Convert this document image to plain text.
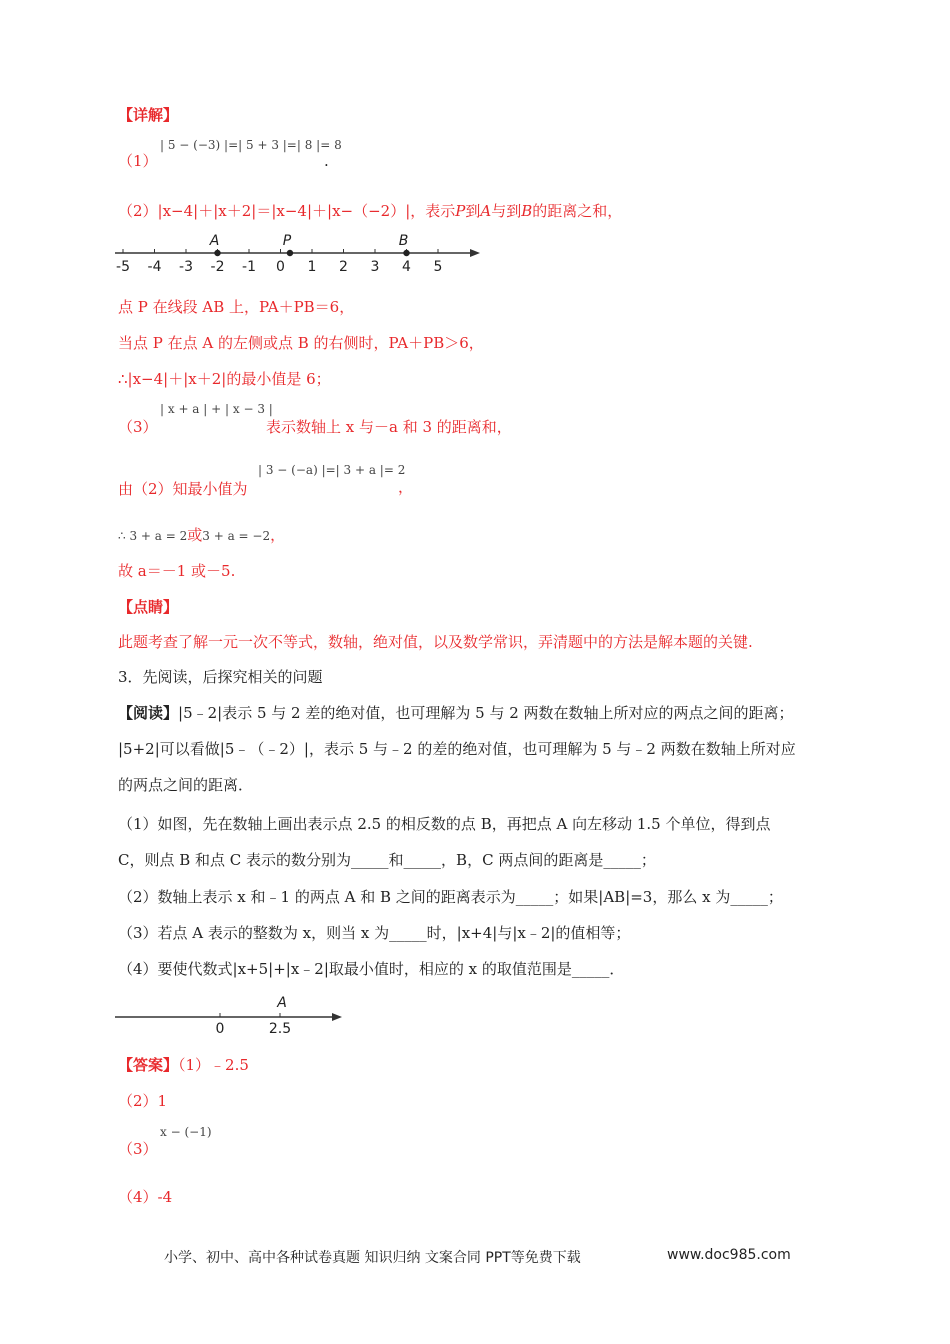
【详解】
（1）
| 5 − (−3) |=| 5 + 3 |=| 8 |= 8
.
（2）|x−4|＋|x＋2|＝|x−4|＋|x−（−2）|，表示P到A与到B的距离之和，
-5 -4 -3 -2 -1 0 1 2 3 4 5
A	P	B
点 P 在线段 AB 上，PA＋PB＝6，
当点 P 在点 A 的左侧或点 B 的右侧时，PA＋PB＞6，
∴|x−4|＋|x＋2|的最小值是 6；
（3）
| x + a | + | x − 3 |
表示数轴上 x 与－a 和 3 的距离和，
由（2）知最小值为
| 3 − (−a) |=| 3 + a |= 2
，
∴ 3 + a = 2或3 + a = −2，
故 a＝－1 或－5.
【点睛】
此题考查了解一元一次不等式，数轴，绝对值，以及数学常识，弄清题中的方法是解本题的关键.
3．先阅读，后探究相关的问题
【阅读】|5﹣2|表示 5 与 2 差的绝对值，也可理解为 5 与 2 两数在数轴上所对应的两点之间的距离；
|5+2|可以看做|5﹣（﹣2）|，表示 5 与﹣2 的差的绝对值，也可理解为 5 与﹣2 两数在数轴上所对应
的两点之间的距离．
（1）如图，先在数轴上画出表示点 2.5 的相反数的点 B，再把点 A 向左移动 1.5 个单位，得到点
C，则点 B 和点 C 表示的数分别为_____和_____，B，C 两点间的距离是_____；
（2）数轴上表示 x 和﹣1 的两点 A 和 B 之间的距离表示为_____；如果|AB|=3，那么 x 为_____；
（3）若点 A 表示的整数为 x，则当 x 为_____时，|x+4|与|x﹣2|的值相等；
（4）要使代数式|x+5|+|x﹣2|取最小值时，相应的 x 的取值范围是_____．
0	2.5
A
【答案】（1）﹣2.5
（2）1
x − (−1)
（3）
（4）-4
小学、初中、高中各种试卷真题 知识归纳 文案合同 PPT等免费下载	www.doc985.com
